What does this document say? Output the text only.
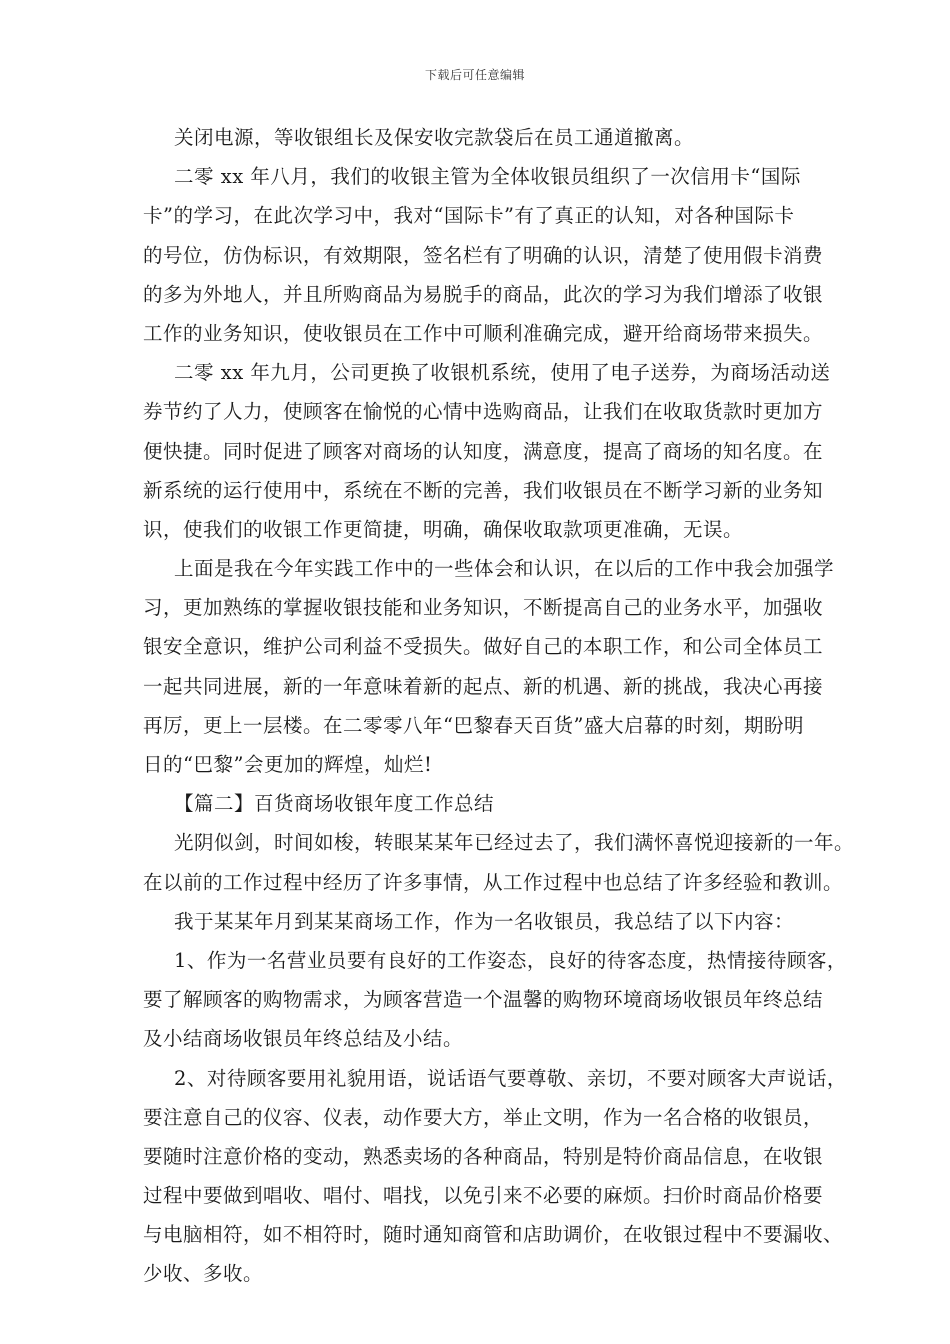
下载后可任意编辑
关闭电源，等收银组长及保安收完款袋后在员工通道撤离。
二零 xx 年八月，我们的收银主管为全体收银员组织了一次信用卡“国际
卡”的学习，在此次学习中，我对“国际卡”有了真正的认知，对各种国际卡
的号位，仿伪标识，有效期限，签名栏有了明确的认识，清楚了使用假卡消费
的多为外地人，并且所购商品为易脱手的商品，此次的学习为我们增添了收银
工作的业务知识，使收银员在工作中可顺利准确完成，避开给商场带来损失。
二零 xx 年九月，公司更换了收银机系统，使用了电子送券，为商场活动送
券节约了人力，使顾客在愉悦的心情中选购商品，让我们在收取货款时更加方
便快捷。同时促进了顾客对商场的认知度，满意度，提高了商场的知名度。在
新系统的运行使用中，系统在不断的完善，我们收银员在不断学习新的业务知
识，使我们的收银工作更简捷，明确，确保收取款项更准确，无误。
上面是我在今年实践工作中的一些体会和认识，在以后的工作中我会加强学
习，更加熟练的掌握收银技能和业务知识，不断提高自己的业务水平，加强收
银安全意识，维护公司利益不受损失。做好自己的本职工作，和公司全体员工
一起共同进展，新的一年意味着新的起点、新的机遇、新的挑战，我决心再接
再厉，更上一层楼。在二零零八年“巴黎春天百货”盛大启幕的时刻，期盼明
日的“巴黎”会更加的辉煌，灿烂!
【篇二】百货商场收银年度工作总结
光阴似剑，时间如梭，转眼某某年已经过去了，我们满怀喜悦迎接新的一年。
在以前的工作过程中经历了许多事情，从工作过程中也总结了许多经验和教训。
我于某某年月到某某商场工作，作为一名收银员，我总结了以下内容：
1、作为一名营业员要有良好的工作姿态，良好的待客态度，热情接待顾客，
要了解顾客的购物需求，为顾客营造一个温馨的购物环境商场收银员年终总结
及小结商场收银员年终总结及小结。
2、对待顾客要用礼貌用语，说话语气要尊敬、亲切，不要对顾客大声说话，
要注意自己的仪容、仪表，动作要大方，举止文明，作为一名合格的收银员，
要随时注意价格的变动，熟悉卖场的各种商品，特别是特价商品信息，在收银
过程中要做到唱收、唱付、唱找，以免引来不必要的麻烦。扫价时商品价格要
与电脑相符，如不相符时，随时通知商管和店助调价，在收银过程中不要漏收、
少收、多收。
